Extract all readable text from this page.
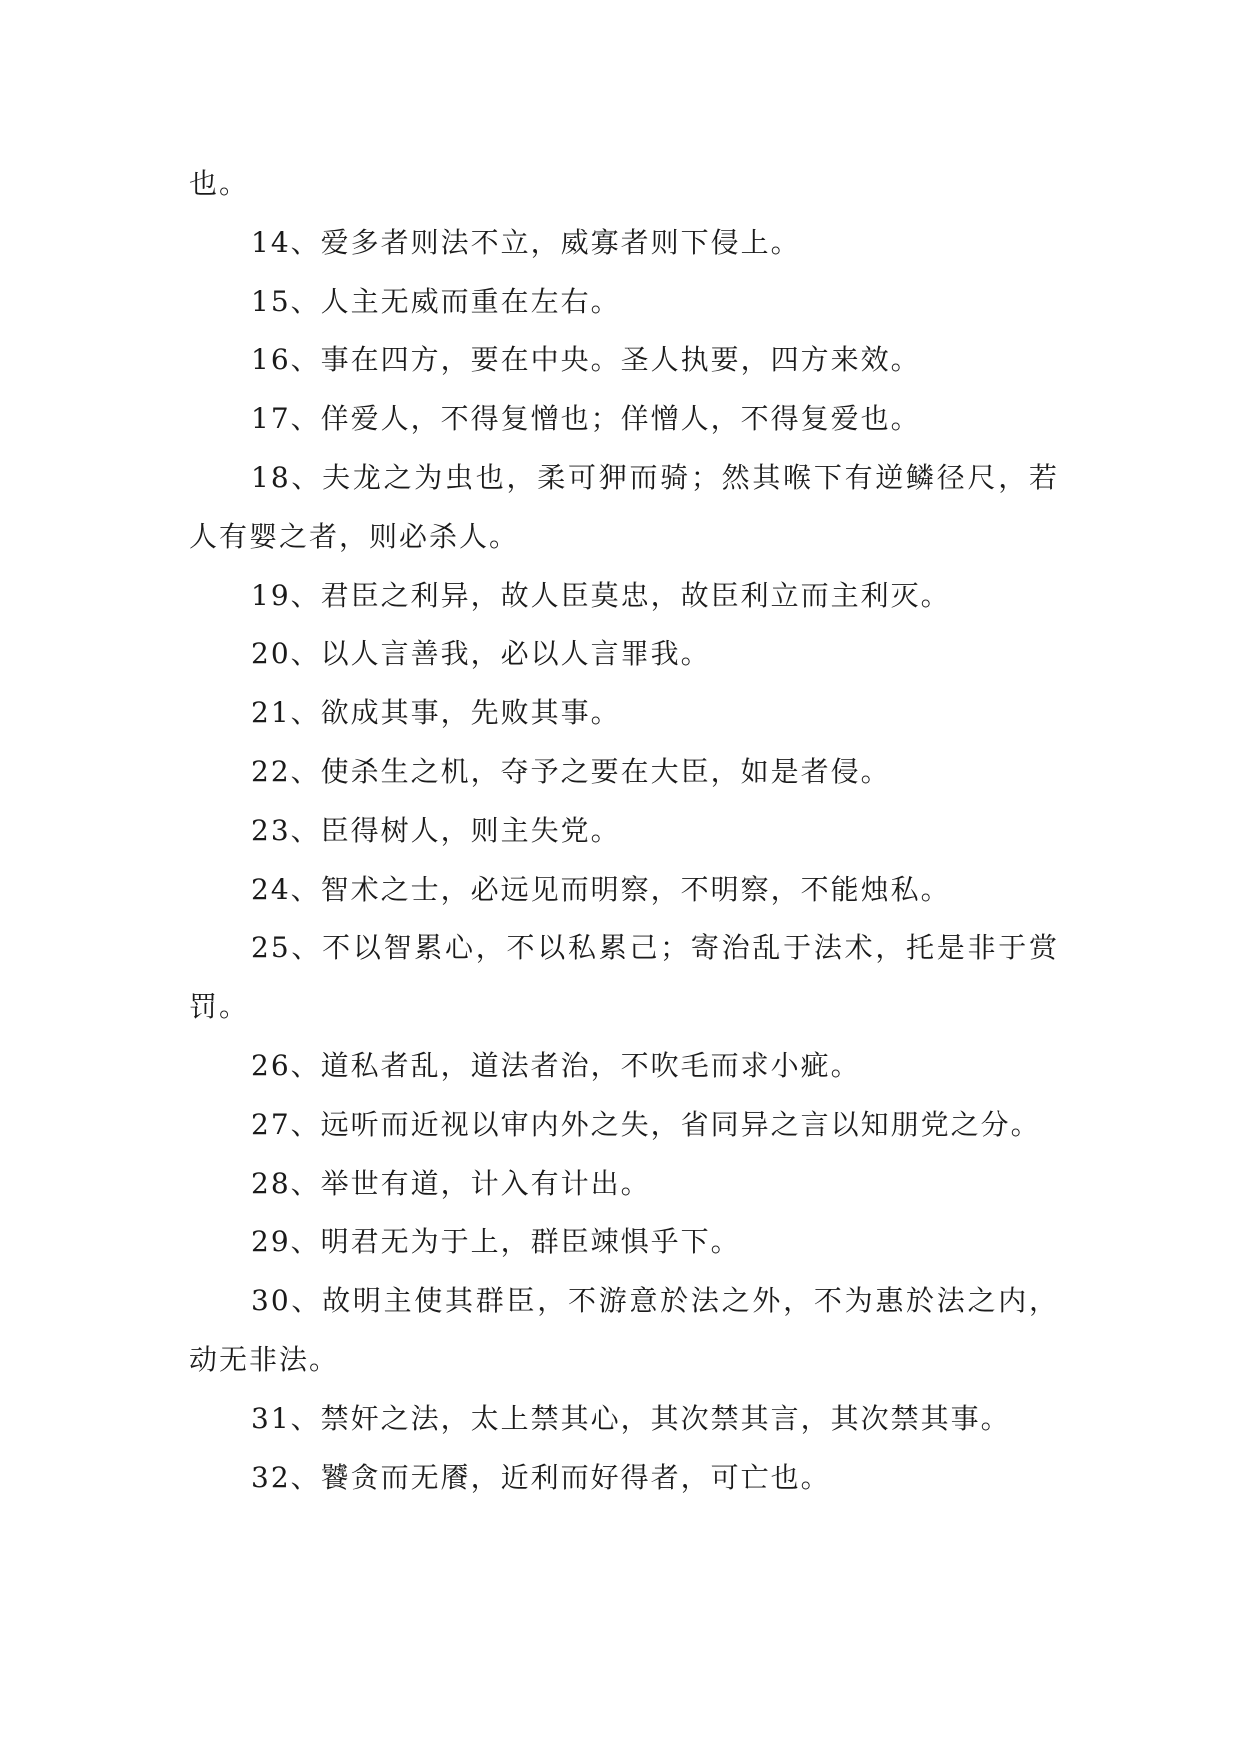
也。

14、爱多者则法不立，威寡者则下侵上。

15、人主无威而重在左右。

16、事在四方，要在中央。圣人执要，四方来效。

17、佯爱人，不得复憎也；佯憎人，不得复爱也。

18、夫龙之为虫也，柔可狎而骑；然其喉下有逆鳞径尺，若人有婴之者，则必杀人。

19、君臣之利异，故人臣莫忠，故臣利立而主利灭。

20、以人言善我，必以人言罪我。

21、欲成其事，先败其事。

22、使杀生之机，夺予之要在大臣，如是者侵。

23、臣得树人，则主失党。

24、智术之士，必远见而明察，不明察，不能烛私。

25、不以智累心，不以私累己；寄治乱于法术，托是非于赏罚。

26、道私者乱，道法者治，不吹毛而求小疵。

27、远听而近视以审内外之失，省同异之言以知朋党之分。

28、举世有道，计入有计出。

29、明君无为于上，群臣竦惧乎下。

30、故明主使其群臣，不游意於法之外，不为惠於法之内，动无非法。

31、禁奸之法，太上禁其心，其次禁其言，其次禁其事。

32、饕贪而无餍，近利而好得者，可亡也。
